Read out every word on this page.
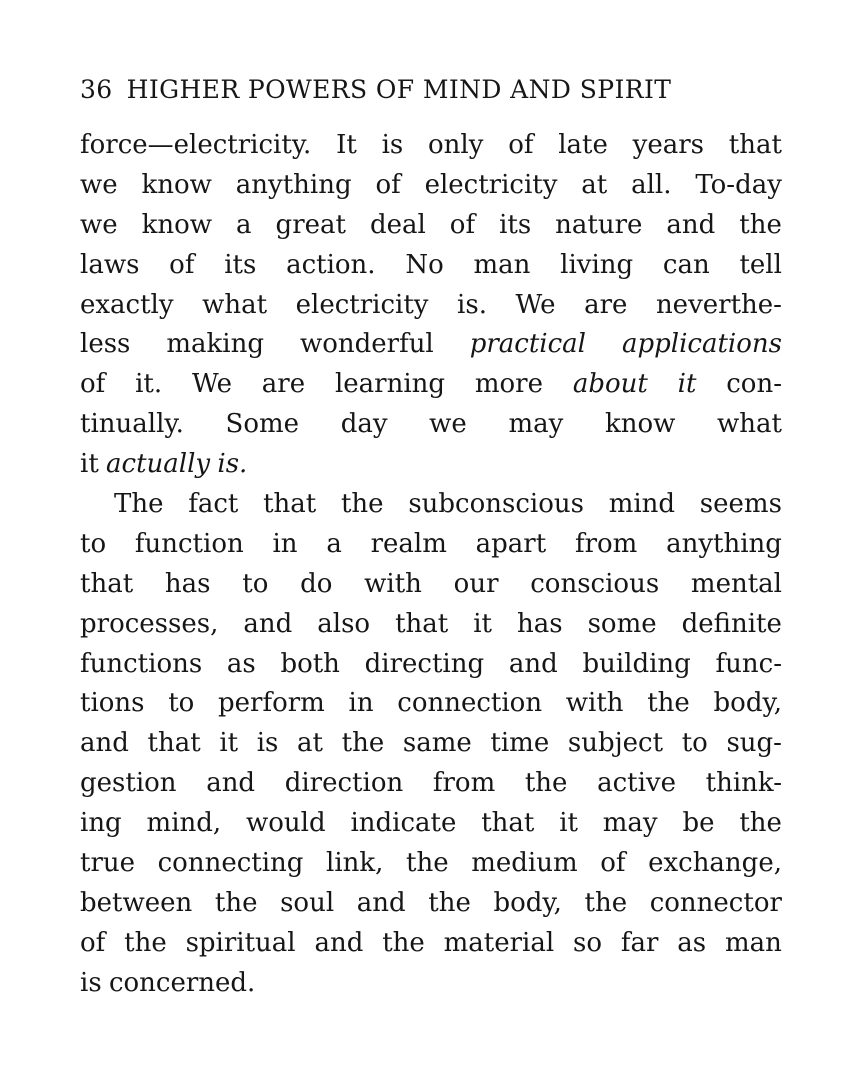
36 HIGHER POWERS OF MIND AND SPIRIT
force—electricity. It is only of late years that
we know anything of electricity at all. To-day
we know a great deal of its nature and the
laws of its action. No man living can tell
exactly what electricity is. We are neverthe-
less making wonderful practical applications
of it. We are learning more about it con-
tinually. Some day we may know what
it actually is.
The fact that the subconscious mind seems
to function in a realm apart from anything
that has to do with our conscious mental
processes, and also that it has some definite
functions as both directing and building func-
tions to perform in connection with the body,
and that it is at the same time subject to sug-
gestion and direction from the active think-
ing mind, would indicate that it may be the
true connecting link, the medium of exchange,
between the soul and the body, the connector
of the spiritual and the material so far as man
is concerned.
